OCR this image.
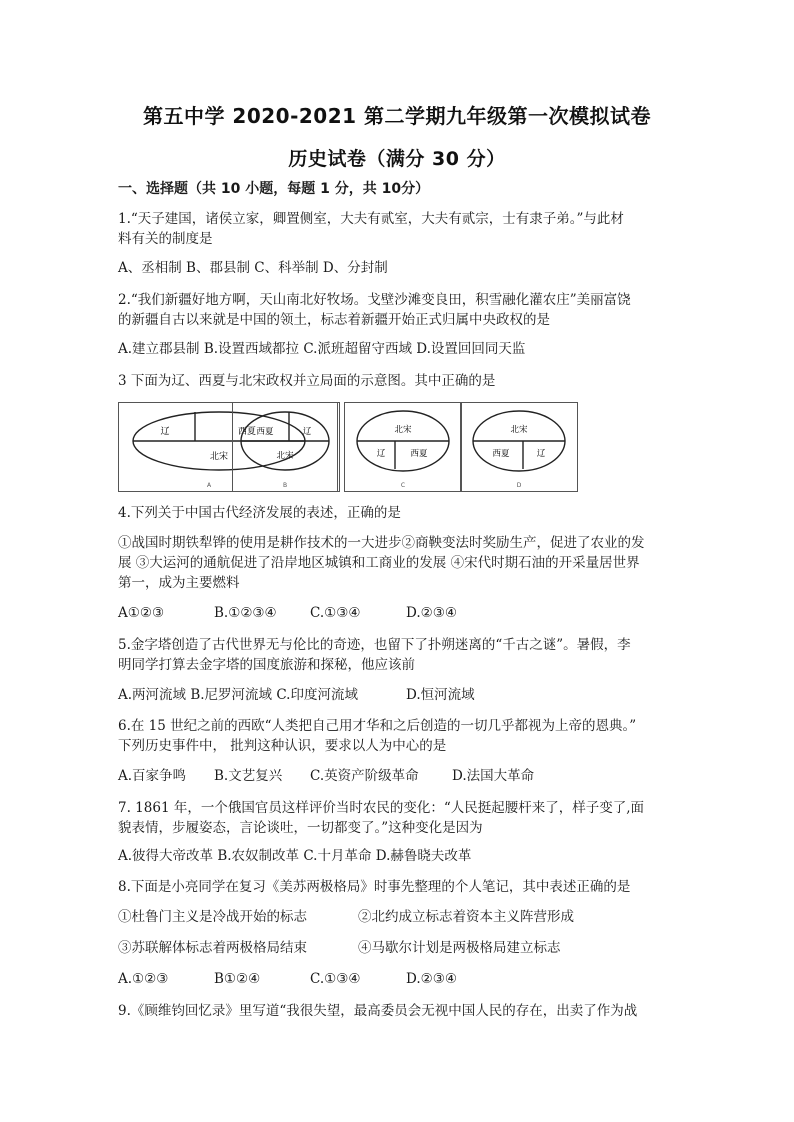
第五中学 2020-2021 第二学期九年级第一次模拟试卷
历史试卷（满分 30 分）
一、选择题（共 10 小题，每题 1 分，共 10分）
1.“天子建国，诸侯立家，卿置侧室，大夫有贰室，大夫有贰宗，士有隶子弟。”与此材
料有关的制度是
A、丞相制 B、郡县制 C、科举制 D、分封制
2.“我们新疆好地方啊，天山南北好牧场。戈壁沙滩变良田，积雪融化灌农庄”美丽富饶
的新疆自古以来就是中国的领土，标志着新疆开始正式归属中央政权的是
A.建立郡县制 B.设置西域都拉 C.派班超留守西域 D.设置回回同天监
3 下面为辽、西夏与北宋政权并立局面的示意图。其中正确的是
辽	西夏
北宋
A
西夏	辽
北宋
B
北宋
辽	西夏
C
北宋
西夏	辽
D
4.下列关于中国古代经济发展的表述，正确的是
①战国时期铁犁铧的使用是耕作技术的一大进步②商鞅变法时奖励生产，促进了农业的发
展 ③大运河的通航促进了沿岸地区城镇和工商业的发展 ④宋代时期石油的开采量居世界
第一，成为主要燃料
A①②③	B.①②③④ C.①③④	D.②③④
5.金字塔创造了古代世界无与伦比的奇迹，也留下了扑朔迷离的“千古之谜”。暑假，李
明同学打算去金字塔的国度旅游和探秘，他应该前
A.两河流域 B.尼罗河流域 C.印度河流域	D.恒河流域
6.在 15 世纪之前的西欧“人类把自己用才华和之后创造的一切几乎都视为上帝的恩典。”
下列历史事件中， 批判这种认识，要求以人为中心的是
A.百家争鸣 B.文艺复兴 C.英资产阶级革命 D.法国大革命
7. 1861 年，一个俄国官员这样评价当时农民的变化：“人民挺起腰杆来了，样子变了,面
貌表情，步履姿态，言论谈吐，一切都变了。”这种变化是因为
A.彼得大帝改革 B.农奴制改革 C.十月革命 D.赫鲁晓夫改革
8.下面是小亮同学在复习《美苏两极格局》时事先整理的个人笔记，其中表述正确的是
①杜鲁门主义是冷战开始的标志	②北约成立标志着资本主义阵营形成
③苏联解体标志着两极格局结束	④马歇尔计划是两极格局建立标志
A.①②③	B①②④	C.①③④	D.②③④
9.《顾维钧回忆录》里写道“我很失望，最高委员会无视中国人民的存在，出卖了作为战
